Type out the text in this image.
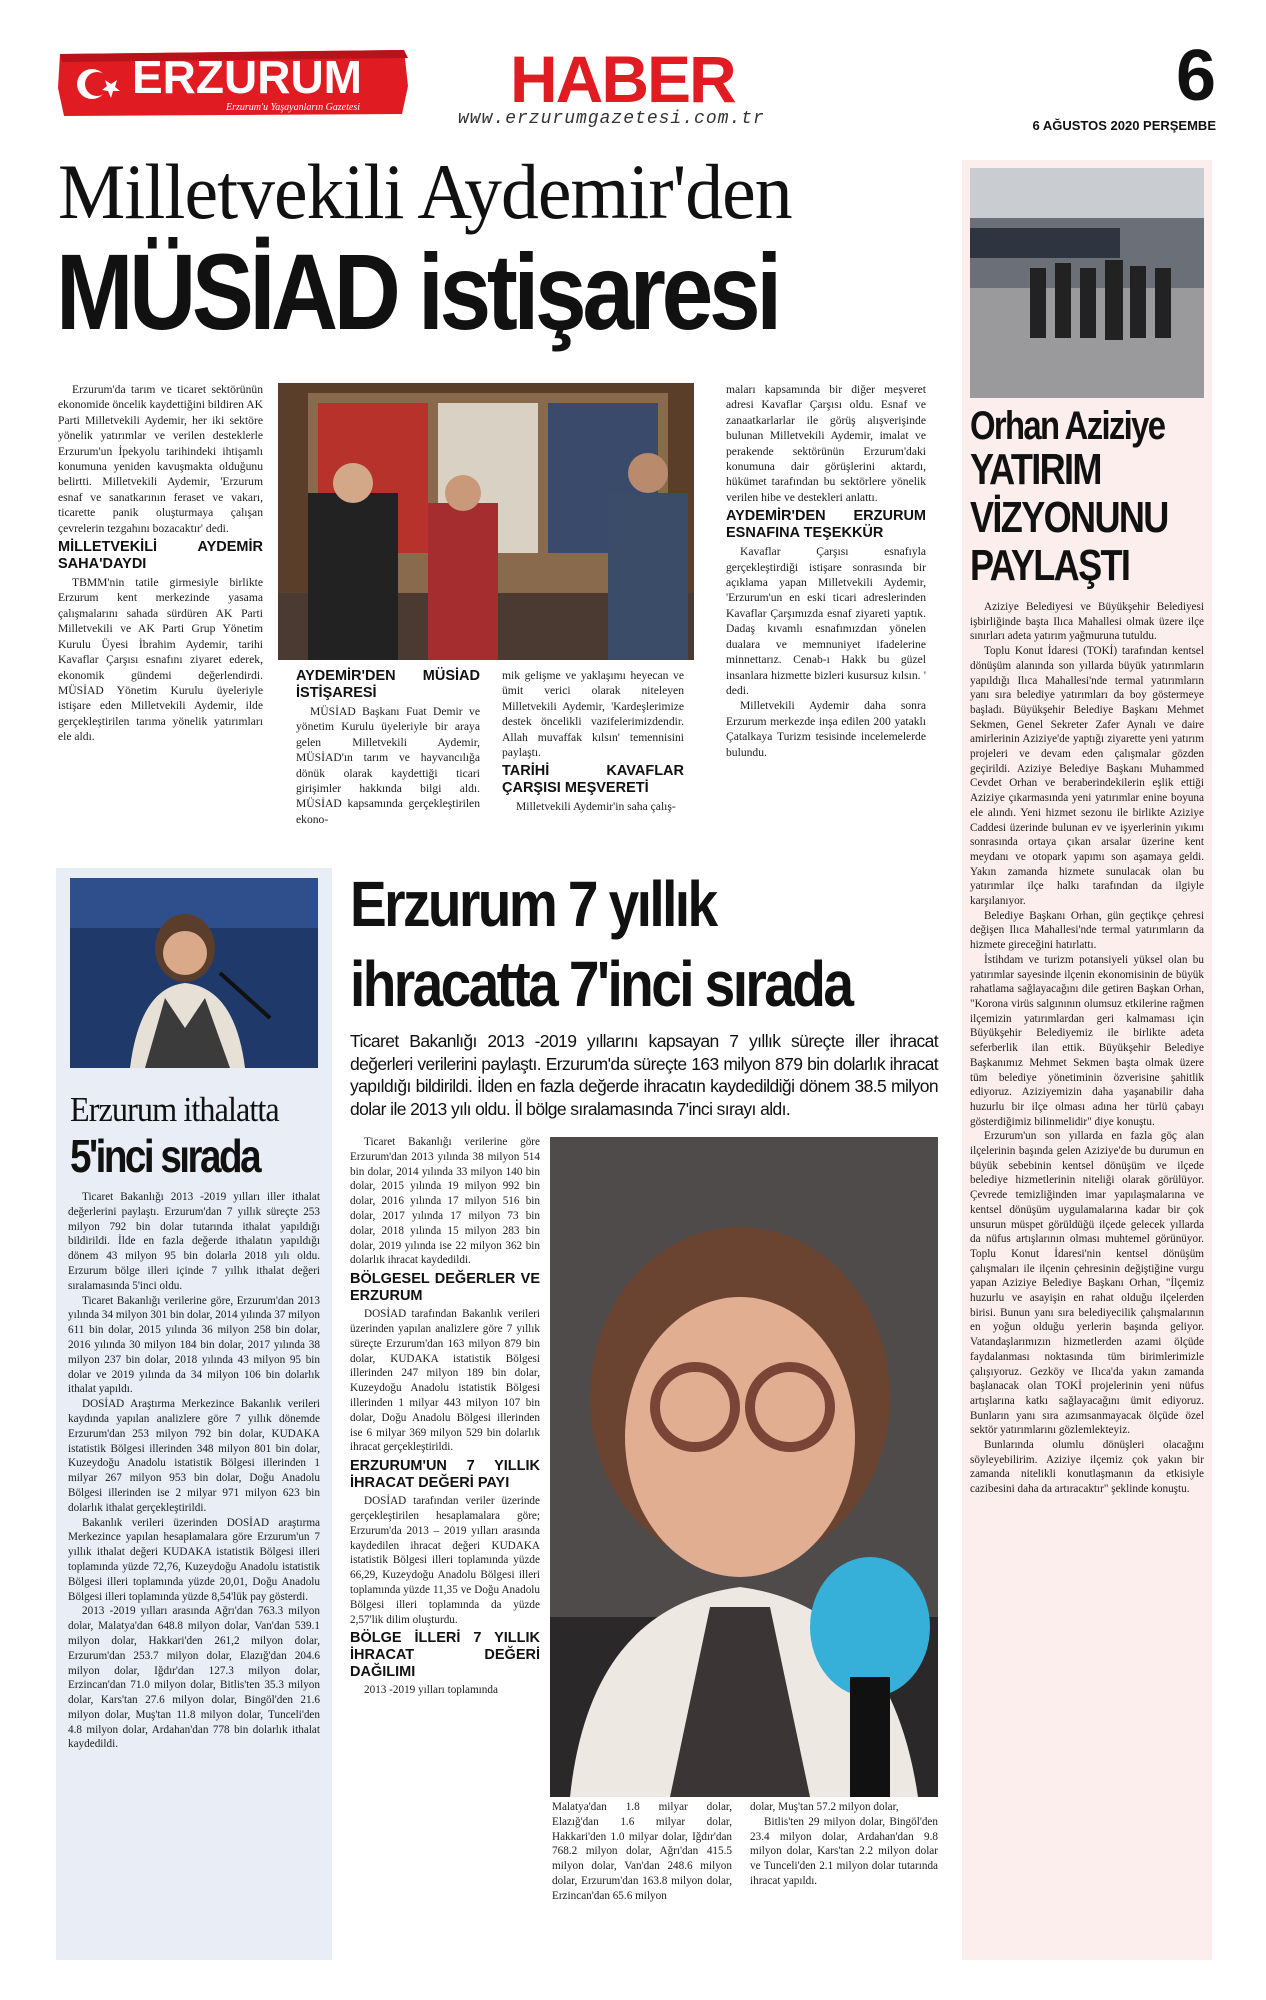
ERZURUM
Erzurum'u Yaşayanların Gazetesi HABER
www.erzurumgazetesi.com.tr
6
6 AĞUSTOS 2020 PERŞEMBE
Milletvekili Aydemir'den
MÜSİAD istişaresi

Erzurum'da tarım ve ticaret sektörünün ekonomide öncelik kaydettiğini bildiren AK Parti Milletvekili Aydemir, her iki sektöre yönelik yatırımlar ve verilen desteklerle Erzurum'un İpekyolu tarihindeki ihtişamlı konumuna yeniden kavuşmakta olduğunu belirtti. Milletvekili Aydemir, 'Erzurum esnaf ve sanatkarının feraset ve vakarı, ticarette panik oluşturmaya çalışan çevrelerin tezgahını bozacaktır' dedi.

MİLLETVEKİLİ AYDEMİR SAHA'DAYDI

TBMM'nin tatile girmesiyle birlikte Erzurum kent merkezinde yasama çalışmalarını sahada sürdüren AK Parti Milletvekili ve AK Parti Grup Yönetim Kurulu Üyesi İbrahim Aydemir, tarihi Kavaflar Çarşısı esnafını ziyaret ederek, ekonomik gündemi değerlendirdi. MÜSİAD Yönetim Kurulu üyeleriyle istişare eden Milletvekili Aydemir, ilde gerçekleştirilen tarıma yönelik yatırımları ele aldı.

AYDEMİR'DEN MÜSİAD İSTİŞARESİ

MÜSİAD Başkanı Fuat Demir ve yönetim Kurulu üyeleriyle bir araya gelen Milletvekili Aydemir, MÜSİAD'ın tarım ve hayvancılığa dönük olarak kaydettiği ticari girişimler hakkında bilgi aldı. MÜSİAD kapsamında gerçekleştirilen ekono-

mik gelişme ve yaklaşımı heyecan ve ümit verici olarak niteleyen Milletvekili Aydemir, 'Kardeşlerimize destek öncelikli vazifelerimizdendir. Allah muvaffak kılsın' temennisini paylaştı.

TARİHİ KAVAFLAR ÇARŞISI MEŞVERETİ

Milletvekili Aydemir'in saha çalış-

maları kapsamında bir diğer meşveret adresi Kavaflar Çarşısı oldu. Esnaf ve zanaatkarlarlar ile görüş alışverişinde bulunan Milletvekili Aydemir, imalat ve perakende sektörünün Erzurum'daki konumuna dair görüşlerini aktardı, hükümet tarafından bu sektörlere yönelik verilen hibe ve destekleri anlattı.

AYDEMİR'DEN ERZURUM ESNAFINA TEŞEKKÜR

Kavaflar Çarşısı esnafıyla gerçekleştirdiği istişare sonrasında bir açıklama yapan Milletvekili Aydemir, 'Erzurum'un en eski ticari adreslerinden Kavaflar Çarşımızda esnaf ziyareti yaptık. Dadaş kıvamlı esnafımızdan yönelen dualara ve memnuniyet ifadelerine minnettarız. Cenab-ı Hakk bu güzel insanlara hizmette bizleri kusursuz kılsın. ' dedi.

Milletvekili Aydemir daha sonra Erzurum merkezde inşa edilen 200 yataklı Çatalkaya Turizm tesisinde incelemelerde bulundu.

Orhan Aziziye
YATIRIM
VİZYONUNU
PAYLAŞTI

Aziziye Belediyesi ve Büyükşehir Belediyesi işbirliğinde başta Ilıca Mahallesi olmak üzere ilçe sınırları adeta yatırım yağmuruna tutuldu.

Toplu Konut İdaresi (TOKİ) tarafından kentsel dönüşüm alanında son yıllarda büyük yatırımların yapıldığı Ilıca Mahallesi'nde termal yatırımların yanı sıra belediye yatırımları da boy göstermeye başladı. Büyükşehir Belediye Başkanı Mehmet Sekmen, Genel Sekreter Zafer Aynalı ve daire amirlerinin Aziziye'de yaptığı ziyarette yeni yatırım projeleri ve devam eden çalışmalar gözden geçirildi. Aziziye Belediye Başkanı Muhammed Cevdet Orhan ve beraberindekilerin eşlik ettiği Aziziye çıkarmasında yeni yatırımlar enine boyuna ele alındı. Yeni hizmet sezonu ile birlikte Aziziye Caddesi üzerinde bulunan ev ve işyerlerinin yıkımı sonrasında ortaya çıkan arsalar üzerine kent meydanı ve otopark yapımı son aşamaya geldi. Yakın zamanda hizmete sunulacak olan bu yatırımlar ilçe halkı tarafından da ilgiyle karşılanıyor.

Belediye Başkanı Orhan, gün geçtikçe çehresi değişen Ilıca Mahallesi'nde termal yatırımların da hizmete gireceğini hatırlattı.

İstihdam ve turizm potansiyeli yüksel olan bu yatırımlar sayesinde ilçenin ekonomisinin de büyük rahatlama sağlayacağını dile getiren Başkan Orhan, "Korona virüs salgınının olumsuz etkilerine rağmen ilçemizin yatırımlardan geri kalmaması için Büyükşehir Belediyemiz ile birlikte adeta seferberlik ilan ettik. Büyükşehir Belediye Başkanımız Mehmet Sekmen başta olmak üzere tüm belediye yönetiminin özverisine şahitlik ediyoruz. Aziziyemizin daha yaşanabilir daha huzurlu bir ilçe olması adına her türlü çabayı gösterdiğimiz bilinmelidir" diye konuştu.

Erzurum'un son yıllarda en fazla göç alan ilçelerinin başında gelen Aziziye'de bu durumun en büyük sebebinin kentsel dönüşüm ve ilçede belediye hizmetlerinin niteliği olarak görülüyor. Çevrede temizliğinden imar yapılaşmalarına ve kentsel dönüşüm uygulamalarına kadar bir çok unsurun müspet görüldüğü ilçede gelecek yıllarda da nüfus artışlarının olması muhtemel görünüyor. Toplu Konut İdaresi'nin kentsel dönüşüm çalışmaları ile ilçenin çehresinin değiştiğine vurgu yapan Aziziye Belediye Başkanı Orhan, "İlçemiz huzurlu ve asayişin en rahat olduğu ilçelerden birisi. Bunun yanı sıra belediyecilik çalışmalarının en yoğun olduğu yerlerin başında geliyor. Vatandaşlarımızın hizmetlerden azami ölçüde faydalanması noktasında tüm birimlerimizle çalışıyoruz. Gezköy ve Ilıca'da yakın zamanda başlanacak olan TOKİ projelerinin yeni nüfus artışlarına katkı sağlayacağını ümit ediyoruz. Bunların yanı sıra azımsanmayacak ölçüde özel sektör yatırımlarını gözlemlekteyiz.

Bunlarında olumlu dönüşleri olacağını söyleyebilirim. Aziziye ilçemiz çok yakın bir zamanda nitelikli konutlaşmanın da etkisiyle cazibesini daha da artıracaktır" şeklinde konuştu.

Erzurum ithalatta
5'inci sırada

Ticaret Bakanlığı 2013 -2019 yılları iller ithalat değerlerini paylaştı. Erzurum'dan 7 yıllık süreçte 253 milyon 792 bin dolar tutarında ithalat yapıldığı bildirildi. İlde en fazla değerde ithalatın yapıldığı dönem 43 milyon 95 bin dolarla 2018 yılı oldu. Erzurum bölge illeri içinde 7 yıllık ithalat değeri sıralamasında 5'inci oldu.

Ticaret Bakanlığı verilerine göre, Erzurum'dan 2013 yılında 34 milyon 301 bin dolar, 2014 yılında 37 milyon 611 bin dolar, 2015 yılında 36 milyon 258 bin dolar, 2016 yılında 30 milyon 184 bin dolar, 2017 yılında 38 milyon 237 bin dolar, 2018 yılında 43 milyon 95 bin dolar ve 2019 yılında da 34 milyon 106 bin dolarlık ithalat yapıldı.

DOSİAD Araştırma Merkezince Bakanlık verileri kaydında yapılan analizlere göre 7 yıllık dönemde Erzurum'dan 253 milyon 792 bin dolar, KUDAKA istatistik Bölgesi illerinden 348 milyon 801 bin dolar, Kuzeydoğu Anadolu istatistik Bölgesi illerinden 1 milyar 267 milyon 953 bin dolar, Doğu Anadolu Bölgesi illerinden ise 2 milyar 971 milyon 623 bin dolarlık ithalat gerçekleştirildi.

Bakanlık verileri üzerinden DOSİAD araştırma Merkezince yapılan hesaplamalara göre Erzurum'un 7 yıllık ithalat değeri KUDAKA istatistik Bölgesi illeri toplamında yüzde 72,76, Kuzeydoğu Anadolu istatistik Bölgesi illeri toplamında yüzde 20,01, Doğu Anadolu Bölgesi illeri toplamında yüzde 8,54'lük pay gösterdi.

2013 -2019 yılları arasında Ağrı'dan 763.3 milyon dolar, Malatya'dan 648.8 milyon dolar, Van'dan 539.1 milyon dolar, Hakkari'den 261,2 milyon dolar, Erzurum'dan 253.7 milyon dolar, Elazığ'dan 204.6 milyon dolar, Iğdır'dan 127.3 milyon dolar, Erzincan'dan 71.0 milyon dolar, Bitlis'ten 35.3 milyon dolar, Kars'tan 27.6 milyon dolar, Bingöl'den 21.6 milyon dolar, Muş'tan 11.8 milyon dolar, Tunceli'den 4.8 milyon dolar, Ardahan'dan 778 bin dolarlık ithalat kaydedildi.

Erzurum 7 yıllık
ihracatta 7'inci sırada
Ticaret Bakanlığı 2013 -2019 yıllarını kapsayan 7 yıllık süreçte iller ihracat değerleri verilerini paylaştı. Erzurum'da süreçte 163 milyon 879 bin dolarlık ihracat yapıldığı bildirildi. İlden en fazla değerde ihracatın kaydedildiği dönem 38.5 milyon dolar ile 2013 yılı oldu. İl bölge sıralamasında 7'inci sırayı aldı.

Ticaret Bakanlığı verilerine göre Erzurum'dan 2013 yılında 38 milyon 514 bin dolar, 2014 yılında 33 milyon 140 bin dolar, 2015 yılında 19 milyon 992 bin dolar, 2016 yılında 17 milyon 516 bin dolar, 2017 yılında 17 milyon 73 bin dolar, 2018 yılında 15 milyon 283 bin dolar, 2019 yılında ise 22 milyon 362 bin dolarlık ihracat kaydedildi.

BÖLGESEL DEĞERLER VE ERZURUM

DOSİAD tarafından Bakanlık verileri üzerinden yapılan analizlere göre 7 yıllık süreçte Erzurum'dan 163 milyon 879 bin dolar, KUDAKA istatistik Bölgesi illerinden 247 milyon 189 bin dolar, Kuzeydoğu Anadolu istatistik Bölgesi illerinden 1 milyar 443 milyon 107 bin dolar, Doğu Anadolu Bölgesi illerinden ise 6 milyar 369 milyon 529 bin dolarlık ihracat gerçekleştirildi.

ERZURUM'UN 7 YILLIK İHRACAT DEĞERİ PAYI

DOSİAD tarafından veriler üzerinde gerçekleştirilen hesaplamalara göre; Erzurum'da 2013 – 2019 yılları arasında kaydedilen ihracat değeri KUDAKA istatistik Bölgesi illeri toplamında yüzde 66,29, Kuzeydoğu Anadolu Bölgesi illeri toplamında yüzde 11,35 ve Doğu Anadolu Bölgesi illeri toplamında da yüzde 2,57'lik dilim oluşturdu.

BÖLGE İLLERİ 7 YILLIK İHRACAT DEĞERİ DAĞILIMI

2013 -2019 yılları toplamında

Malatya'dan 1.8 milyar dolar, Elazığ'dan 1.6 milyar dolar, Hakkari'den 1.0 milyar dolar, Iğdır'dan 768.2 milyon dolar, Ağrı'dan 415.5 milyon dolar, Van'dan 248.6 milyon dolar, Erzurum'dan 163.8 milyon dolar, Erzincan'dan 65.6 milyon

dolar, Muş'tan 57.2 milyon dolar,

Bitlis'ten 29 milyon dolar, Bingöl'den 23.4 milyon dolar, Ardahan'dan 9.8 milyon dolar, Kars'tan 2.2 milyon dolar ve Tunceli'den 2.1 milyon dolar tutarında ihracat yapıldı.
